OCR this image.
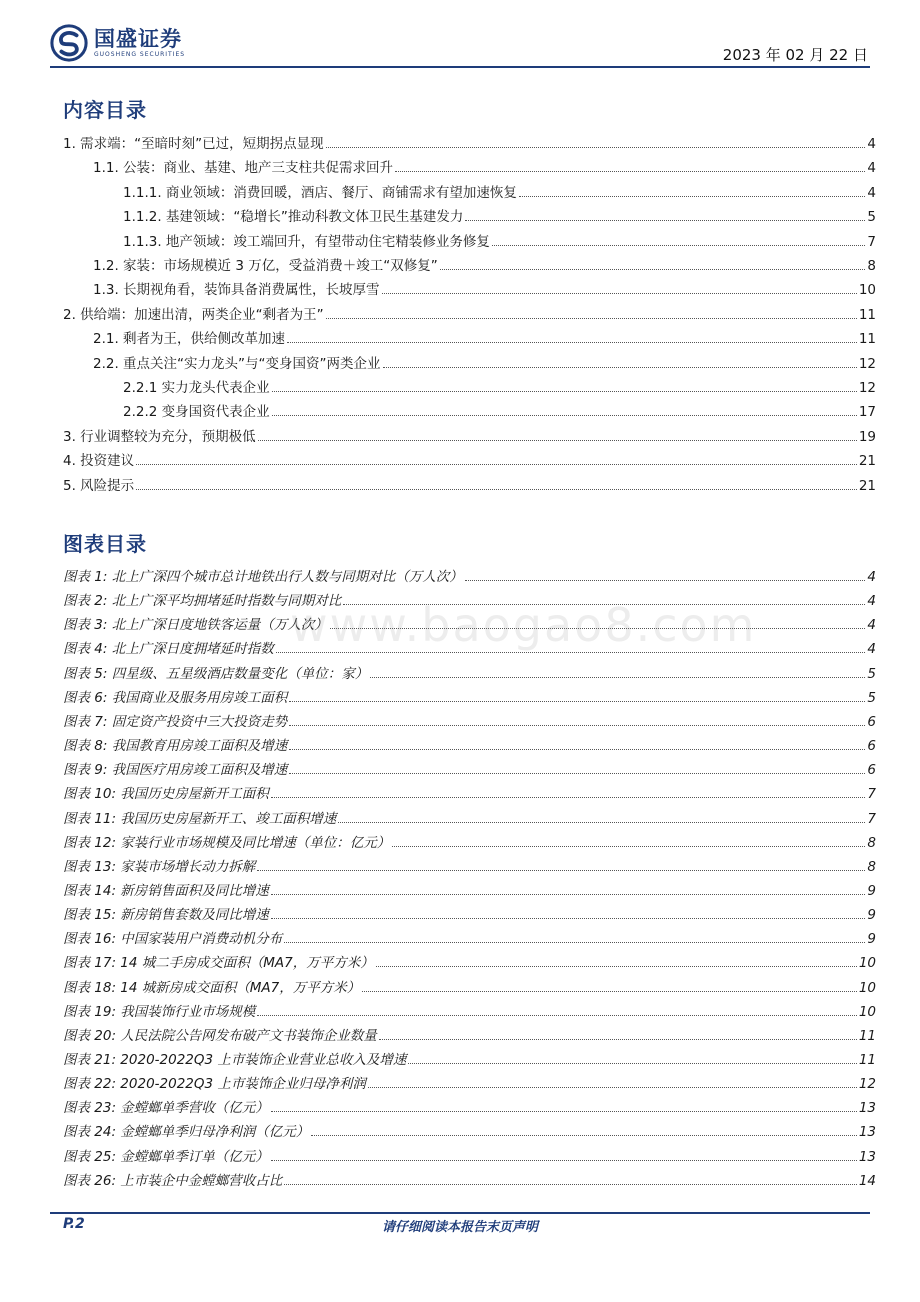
国盛证券
GUOSHENG SECURITIES	2023 年 02 月 22 日
内容目录
1. 需求端：“至暗时刻”已过，短期拐点显现	4
1.1. 公装：商业、基建、地产三支柱共促需求回升	4
1.1.1. 商业领域：消费回暖，酒店、餐厅、商铺需求有望加速恢复	4
1.1.2. 基建领域：“稳增长”推动科教文体卫民生基建发力	5
1.1.3. 地产领域：竣工端回升，有望带动住宅精装修业务修复	7
1.2. 家装：市场规模近 3 万亿，受益消费＋竣工“双修复”	8
1.3. 长期视角看，装饰具备消费属性，长坡厚雪	10
2. 供给端：加速出清，两类企业“剩者为王”	11
2.1. 剩者为王，供给侧改革加速	11
2.2. 重点关注“实力龙头”与“变身国资”两类企业	12
2.2.1 实力龙头代表企业	12
2.2.2 变身国资代表企业	17
3. 行业调整较为充分，预期极低	19
4. 投资建议	21
5. 风险提示	21
图表目录
图表 1: 北上广深四个城市总计地铁出行人数与同期对比（万人次）	4
图表 2: 北上广深平均拥堵延时指数与同期对比	4
图表 3: 北上广深日度地铁客运量（万人次）	4
图表 4: 北上广深日度拥堵延时指数	4
图表 5: 四星级、五星级酒店数量变化（单位：家）	5
图表 6: 我国商业及服务用房竣工面积	5
图表 7: 固定资产投资中三大投资走势	6
图表 8: 我国教育用房竣工面积及增速	6
图表 9: 我国医疗用房竣工面积及增速	6
图表 10: 我国历史房屋新开工面积	7
图表 11: 我国历史房屋新开工、竣工面积增速	7
图表 12: 家装行业市场规模及同比增速（单位：亿元）	8
图表 13: 家装市场增长动力拆解	8
图表 14: 新房销售面积及同比增速	9
图表 15: 新房销售套数及同比增速	9
图表 16: 中国家装用户消费动机分布	9
图表 17: 14 城二手房成交面积（MA7，万平方米）	10
图表 18: 14 城新房成交面积（MA7，万平方米）	10
图表 19: 我国装饰行业市场规模	10
图表 20: 人民法院公告网发布破产文书装饰企业数量	11
图表 21: 2020-2022Q3 上市装饰企业营业总收入及增速	11
图表 22: 2020-2022Q3 上市装饰企业归母净利润	12
图表 23: 金螳螂单季营收（亿元）	13
图表 24: 金螳螂单季归母净利润（亿元）	13
图表 25: 金螳螂单季订单（亿元）	13
图表 26: 上市装企中金螳螂营收占比	14
www.baogao8.com
P.2	请仔细阅读本报告末页声明
